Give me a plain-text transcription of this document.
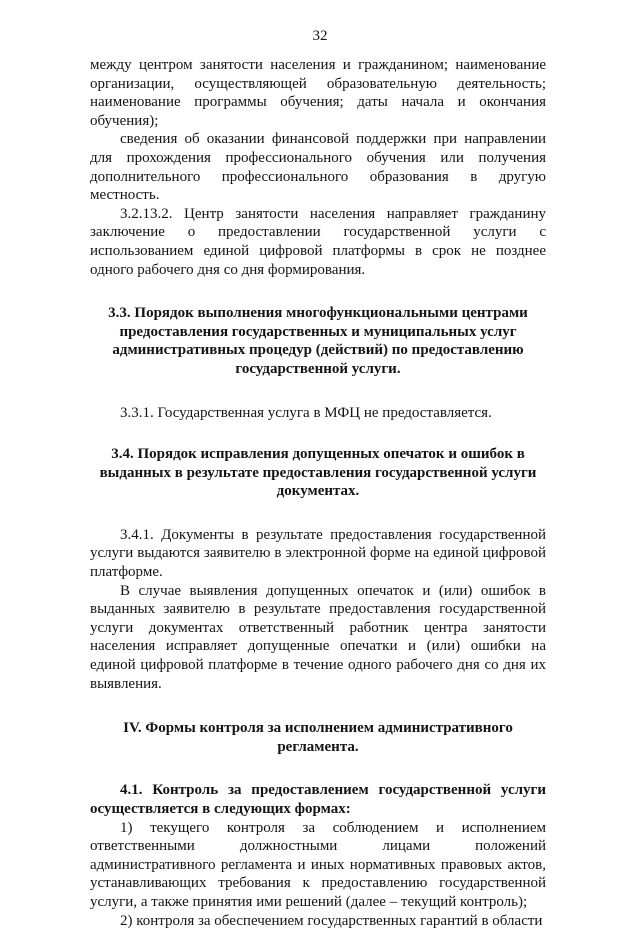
32

между центром занятости населения и гражданином; наименование организации, осуществляющей образовательную деятельность; наименование программы обучения; даты начала и окончания обучения);

сведения об оказании финансовой поддержки при направлении для прохождения профессионального обучения или получения дополнительного профессионального образования в другую местность.

3.2.13.2. Центр занятости населения направляет гражданину заключение о предоставлении государственной услуги с использованием единой цифровой платформы в срок не позднее одного рабочего дня со дня формирования.

3.3. Порядок выполнения многофункциональными центрами предоставления государственных и муниципальных услуг административных процедур (действий) по предоставлению государственной услуги.

3.3.1. Государственная услуга в МФЦ не предоставляется.

3.4. Порядок исправления допущенных опечаток и ошибок в выданных в результате предоставления государственной услуги документах.

3.4.1. Документы в результате предоставления государственной услуги выдаются заявителю в электронной форме на единой цифровой платформе.

В случае выявления допущенных опечаток и (или) ошибок в выданных заявителю в результате предоставления государственной услуги документах ответственный работник центра занятости населения исправляет допущенные опечатки и (или) ошибки на единой цифровой платформе в течение одного рабочего дня со дня их выявления.

IV. Формы контроля за исполнением административного регламента.

4.1. Контроль за предоставлением государственной услуги осуществляется в следующих формах:

1) текущего контроля за соблюдением и исполнением ответственными должностными лицами положений административного регламента и иных нормативных правовых актов, устанавливающих требования к предоставлению государственной услуги, а также принятия ими решений (далее – текущий контроль);

2) контроля за обеспечением государственных гарантий в области
